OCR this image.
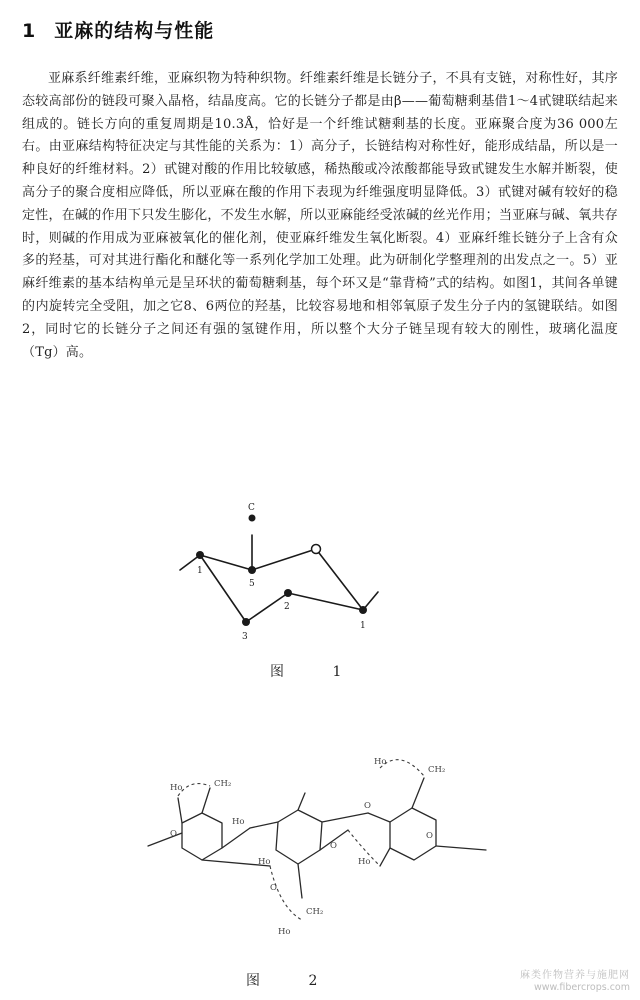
1 亚麻的结构与性能
亚麻系纤维素纤维，亚麻织物为特种织物。纤维素纤维是长链分子，不具有支链，对称性好，其序态较高部份的链段可聚入晶格，结晶度高。它的长链分子都是由β——葡萄糖剩基借1～4甙键联结起来组成的。链长方向的重复周期是10.3Å，恰好是一个纤维试糖剩基的长度。亚麻聚合度为36 000左右。由亚麻结构特征决定与其性能的关系为：1）高分子，长链结构对称性好，能形成结晶，所以是一种良好的纤维材料。2）甙键对酸的作用比较敏感，稀热酸或冷浓酸都能导致甙键发生水解并断裂，使高分子的聚合度相应降低，所以亚麻在酸的作用下表现为纤维强度明显降低。3）甙键对碱有较好的稳定性，在碱的作用下只发生膨化，不发生水解，所以亚麻能经受浓碱的丝光作用；当亚麻与碱、氧共存时，则碱的作用成为亚麻被氧化的催化剂，使亚麻纤维发生氧化断裂。4）亚麻纤维长链分子上含有众多的羟基，可对其进行酯化和醚化等一系列化学加工处理。此为研制化学整理剂的出发点之一。5）亚麻纤维素的基本结构单元是呈环状的葡萄糖剩基，每个环又是“靠背椅”式的结构。如图1，其间各单键的内旋转完全受阻，加之它8、6两位的羟基，比较容易地和相邻氧原子发生分子内的氢键联结。如图2，同时它的长链分子之间还有强的氢键作用，所以整个大分子链呈现有较大的刚性，玻璃化温度（Tg）高。
C
1
5
2
3
1
图 1
Ho	CH₂
O
Ho
Ho
O
Ho
CH₂
O
Ho
O
O
CH₂
Ho
图 2	麻类作物营养与施肥网
www.fibercrops.com
